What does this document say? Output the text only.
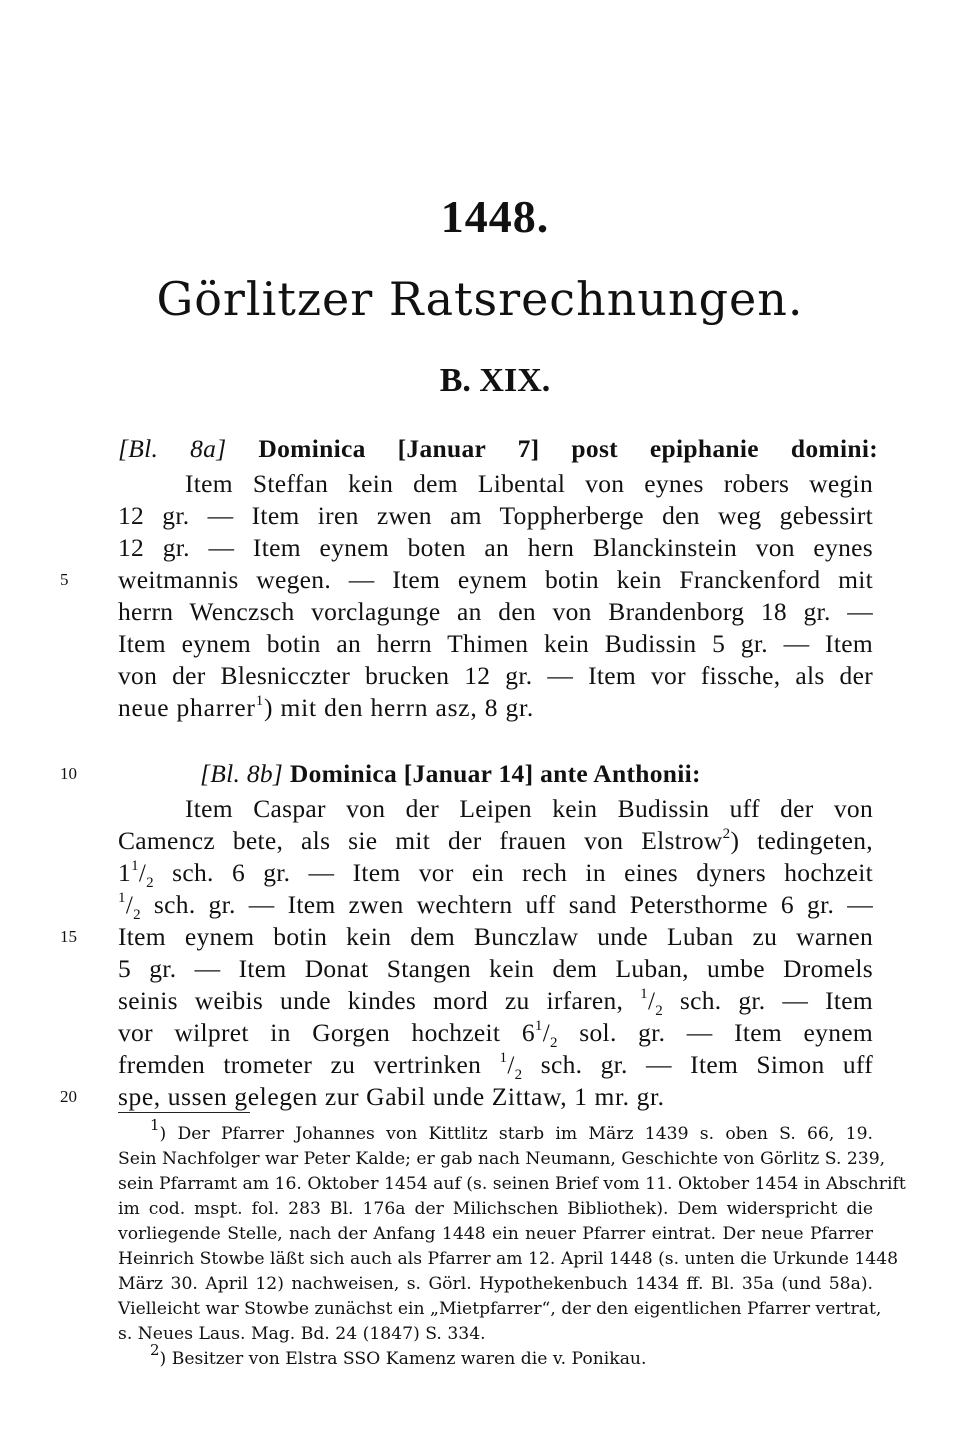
1448.
Görlitzer Ratsrechnungen.
B. XIX.
[Bl. 8a] Dominica [Januar 7] post epiphanie domini:
Item Steffan kein dem Libental von eynes robers wegin
12 gr. — Item iren zwen am Toppherberge den weg gebessirt
12 gr. — Item eynem boten an hern Blanckinstein von eynes
5	weitmannis wegen. — Item eynem botin kein Franckenford mit
herrn Wenczsch vorclagunge an den von Brandenborg 18 gr. —
Item eynem botin an herrn Thimen kein Budissin 5 gr. — Item
von der Blesnicczter brucken 12 gr. — Item vor fissche, als der
neue pharrer$^1$) mit den herrn asz, 8 gr.
10	[Bl. 8b] Dominica [Januar 14] ante Anthonii:
Item Caspar von der Leipen kein Budissin uff der von
Camencz bete, als sie mit der frauen von Elstrow$^2$) tedingeten,
$1^1/_2$ sch. 6 gr. — Item vor ein rech in eines dyners hochzeit
$^1/_2$ sch. gr. — Item zwen wechtern uff sand Petersthorme 6 gr. —
15	Item eynem botin kein dem Bunczlaw unde Luban zu warnen
5 gr. — Item Donat Stangen kein dem Luban, umbe Dromels
seinis weibis unde kindes mord zu irfaren, $^1/_2$ sch. gr. — Item
vor wilpret in Gorgen hochzeit $6^1/_2$ sol. gr. — Item eynem
fremden trometer zu vertrinken $^1/_2$ sch. gr. — Item Simon uff
20	spe, ussen gelegen zur Gabil unde Zittaw, 1 mr. gr.
$^1$) Der Pfarrer Johannes von Kittlitz starb im März 1439 s. oben S. 66, 19.
Sein Nachfolger war Peter Kalde; er gab nach Neumann, Geschichte von Görlitz S. 239,
sein Pfarramt am 16. Oktober 1454 auf (s. seinen Brief vom 11. Oktober 1454 in Abschrift
im cod. mspt. fol. 283 Bl. 176a der Milichschen Bibliothek). Dem widerspricht die
vorliegende Stelle, nach der Anfang 1448 ein neuer Pfarrer eintrat. Der neue Pfarrer
Heinrich Stowbe läßt sich auch als Pfarrer am 12. April 1448 (s. unten die Urkunde 1448
März 30. April 12) nachweisen, s. Görl. Hypothekenbuch 1434 ff. Bl. 35a (und 58a).
Vielleicht war Stowbe zunächst ein „Mietpfarrer“, der den eigentlichen Pfarrer vertrat,
s. Neues Laus. Mag. Bd. 24 (1847) S. 334.
$^2$) Besitzer von Elstra SSO Kamenz waren die v. Ponikau.
